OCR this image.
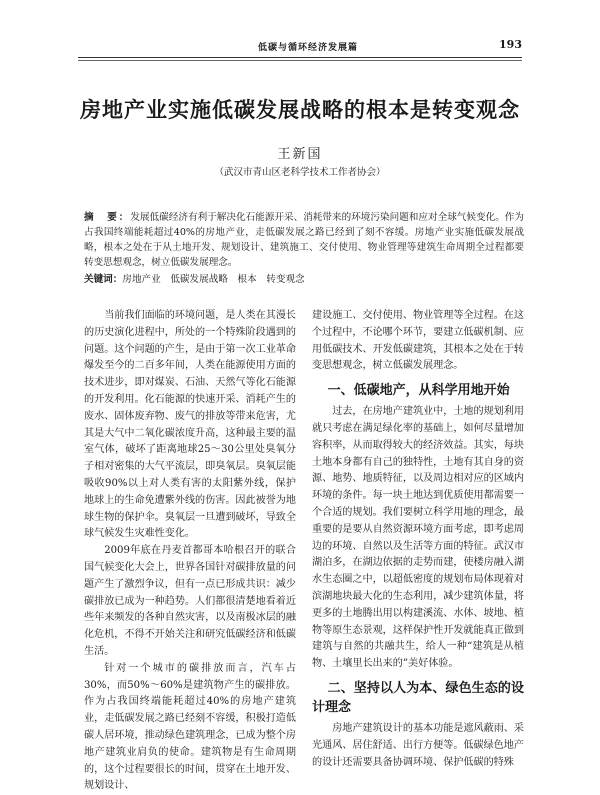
低碳与循环经济发展篇	193
房地产业实施低碳发展战略的根本是转变观念
王新国
（武汉市青山区老科学技术工作者协会）
摘　要：发展低碳经济有利于解决化石能源开采、消耗带来的环境污染问题和应对全球气候变化。作为占我国终端能耗超过40%的房地产业，走低碳发展之路已经到了刻不容缓。房地产业实施低碳发展战略，根本之处在于从土地开发、规划设计、建筑施工、交付使用、物业管理等建筑生命周期全过程都要转变思想观念，树立低碳发展理念。
关键词：房地产业　低碳发展战略　根本　转变观念

当前我们面临的环境问题，是人类在其漫长的历史演化进程中，所处的一个特殊阶段遇到的问题。这个问题的产生，是由于第一次工业革命爆发至今的二百多年间，人类在能源使用方面的技术进步，即对煤炭、石油、天然气等化石能源的开发利用。化石能源的快速开采、消耗产生的废水、固体废弃物、废气的排放等带来危害，尤其是大气中二氧化碳浓度升高，这种最主要的温室气体，破坏了距离地球25～30公里处臭氧分子相对密集的大气平流层，即臭氧层。臭氧层能吸收90%以上对人类有害的太阳紫外线，保护地球上的生命免遭紫外线的伤害。因此被誉为地球生物的保护伞。臭氧层一旦遭到破坏，导致全球气候发生灾难性变化。

2009年底在丹麦首都哥本哈根召开的联合国气候变化大会上，世界各国针对碳排放量的问题产生了激烈争议，但有一点已形成共识：减少碳排放已成为一种趋势。人们都很清楚地看着近些年来频发的各种自然灾害，以及南极冰层的融化危机，不得不开始关注和研究低碳经济和低碳生活。

针对一个城市的碳排放而言，汽车占30%，而50%～60%是建筑物产生的碳排放。作为占我国终端能耗超过40%的房地产建筑业，走低碳发展之路已经刻不容缓，积极打造低碳人居环境，推动绿色建筑理念，已成为整个房地产建筑业肩负的使命。建筑物是有生命周期的，这个过程要很长的时间，贯穿在土地开发、规划设计、

建设施工、交付使用、物业管理等全过程。在这个过程中，不论哪个环节，要建立低碳机制、应用低碳技术、开发低碳建筑，其根本之处在于转变思想观念，树立低碳发展理念。

一、低碳地产，从科学用地开始

过去，在房地产建筑业中，土地的规划利用就只考虑在满足绿化率的基础上，如何尽量增加容积率，从而取得较大的经济效益。其实，每块土地本身都有自己的独特性，土地有其自身的资源、地势、地质特征，以及周边相对应的区域内环境的条件。每一块土地达到优质使用都需要一个合适的规划。我们要树立科学用地的理念，最重要的是要从自然资源环境方面考虑，即考虑周边的环境、自然以及生活等方面的特征。武汉市湖泊多，在湖边依据的走势而建，使楼房融入湖水生态圈之中，以超低密度的规划布局体现着对滨湖地块最大化的生态利用，减少建筑体量，将更多的土地腾出用以构建溪流、水体、坡地、植物等原生态景观，这样保护性开发就能真正做到建筑与自然的共融共生，给人一种“建筑是从植物、土壤里长出来的”美好体验。

二、坚持以人为本、绿色生态的设计理念

房地产建筑设计的基本功能是遮风蔽雨、采光通风、居住舒适、出行方便等。低碳绿色地产的设计还需要具备协调环境、保护低碳的特殊
